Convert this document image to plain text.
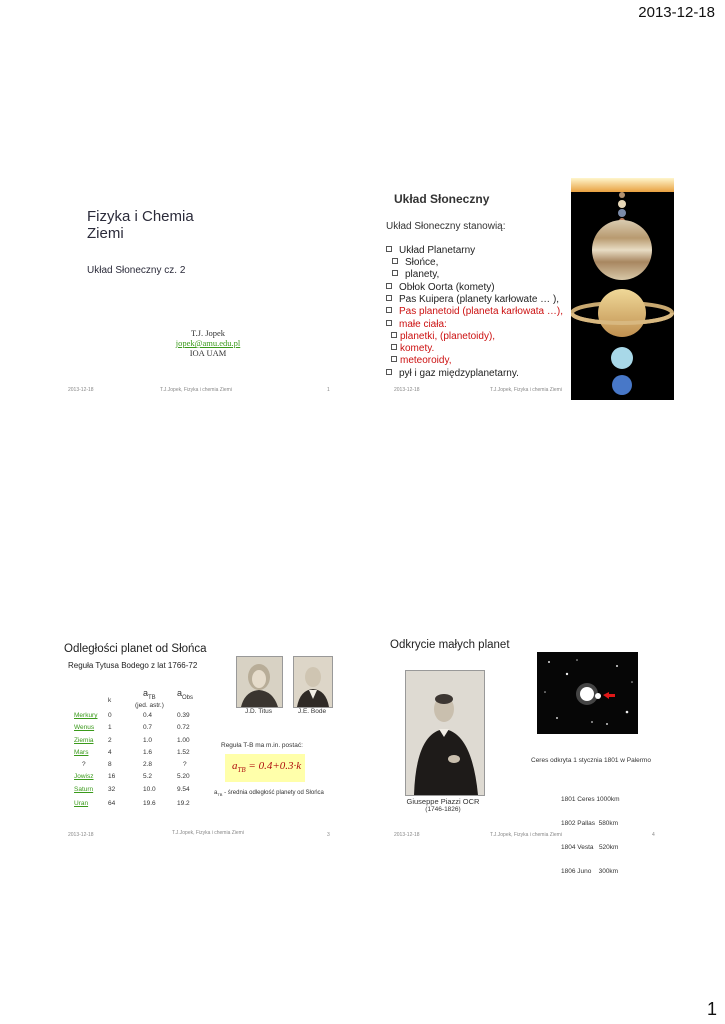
2013-12-18
Fizyka i Chemia
Ziemi
Układ Słoneczny cz. 2
T.J. Jopek
jopek@amu.edu.pl
IOA UAM
2013-12-18	T.J.Jopek, Fizyka i chemia Ziemi	1
Układ Słoneczny
Układ Słoneczny stanowią:
Układ Planetarny
Słońce,
planety,
Obłok Oorta (komety)
Pas Kuipera (planety karłowate … ),
Pas planetoid (planeta karłowata …),
małe ciała:
planetki, (planetoidy),
komety.
meteoroidy,
pył i gaz międzyplanetarny.
2013-12-18	T.J.Jopek, Fizyka i chemia Ziemi
Odległości planet od Słońca
Reguła Tytusa Bodego z lat 1766-72
k
$a_{TB}$ $a_{Obs}$
(jed. astr.)
Merkury 0	0.4	0.39
Wenus 1	0.7	0.72
Ziemia 2	1.0	1.00
Mars	4	1.6	1.52
?	8	2.8	?
Jowisz 16	5.2	5.20
Saturn 32	10.0	9.54
Uran	64	19.6	19.2
J.D. Titus	J.E. Bode
Reguła T-B ma m.in. postać:
$a_{TB} = 0.4+0.3\cdot k$
$a_{TB}$ - średnia odległość planety od Słońca
2013-12-18	T.J.Jopek, Fizyka i chemia Ziemi	3
Odkrycie małych planet
Giuseppe Piazzi OCR
(1746-1826)
Ceres odkryta 1 stycznia 1801 w Palermo

1801 Ceres 1000km

1802 Pallas  580km

1804 Vesta   520km

1806 Juno    300km

2013-12-18	T.J.Jopek, Fizyka i chemia Ziemi	4
1
